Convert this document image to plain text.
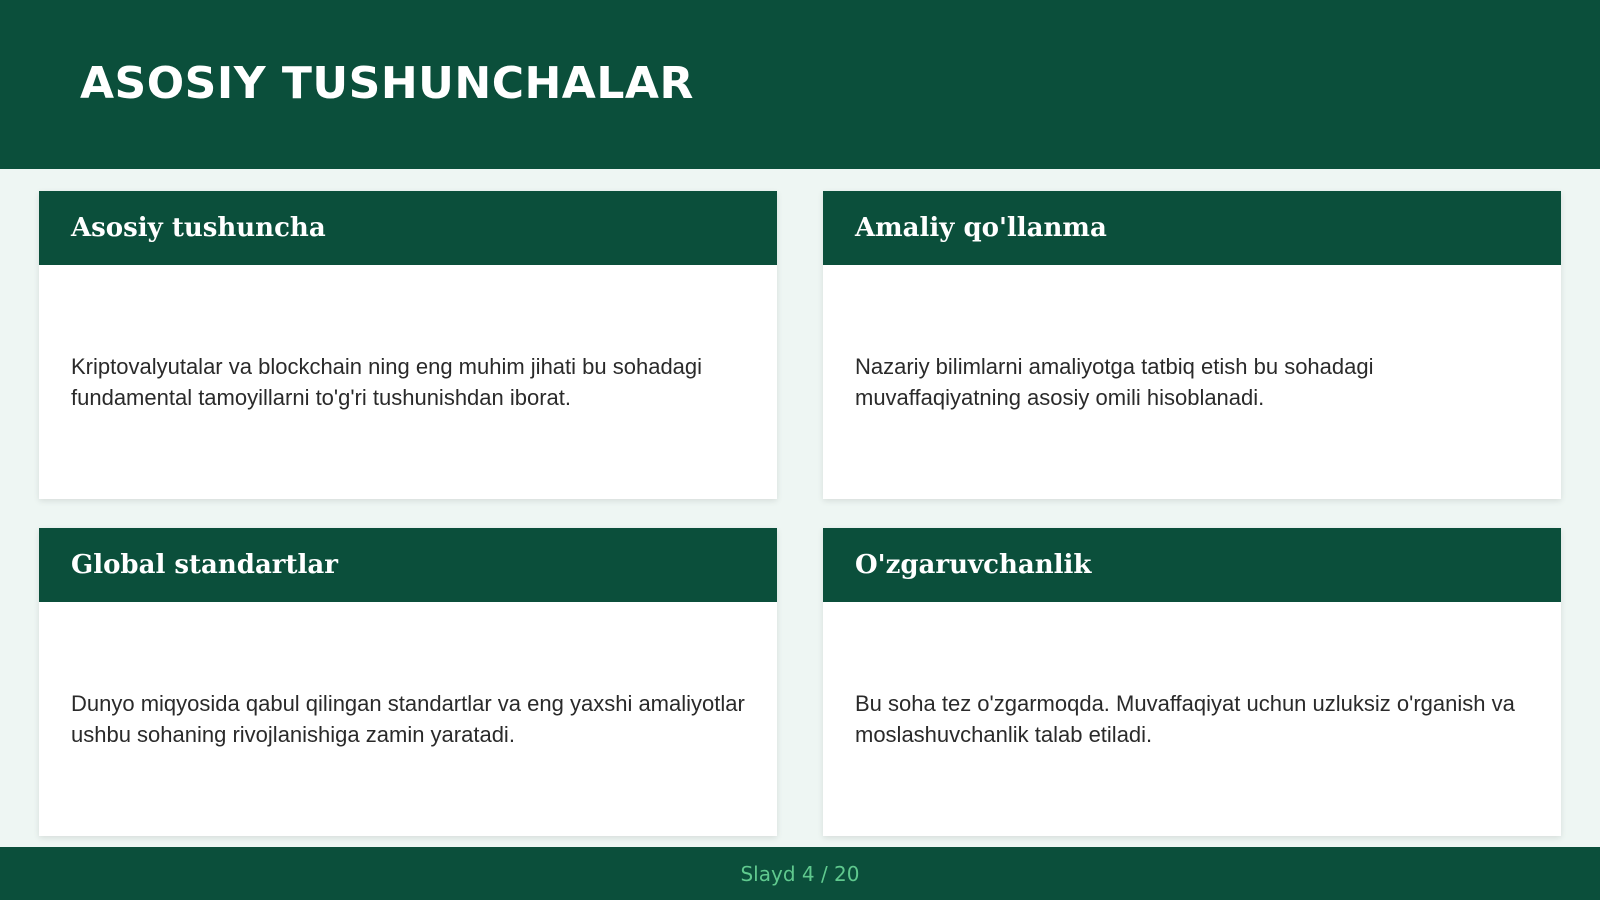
ASOSIY TUSHUNCHALAR
Asosiy tushuncha

Kriptovalyutalar va blockchain ning eng muhim jihati bu sohadagi fundamental tamoyillarni to'g'ri tushunishdan iborat.

Amaliy qo'llanma

Nazariy bilimlarni amaliyotga tatbiq etish bu sohadagi muvaffaqiyatning asosiy omili hisoblanadi.

Global standartlar

Dunyo miqyosida qabul qilingan standartlar va eng yaxshi amaliyotlar ushbu sohaning rivojlanishiga zamin yaratadi.

O'zgaruvchanlik

Bu soha tez o'zgarmoqda. Muvaffaqiyat uchun uzluksiz o'rganish va moslashuvchanlik talab etiladi.

Slayd 4 / 20
